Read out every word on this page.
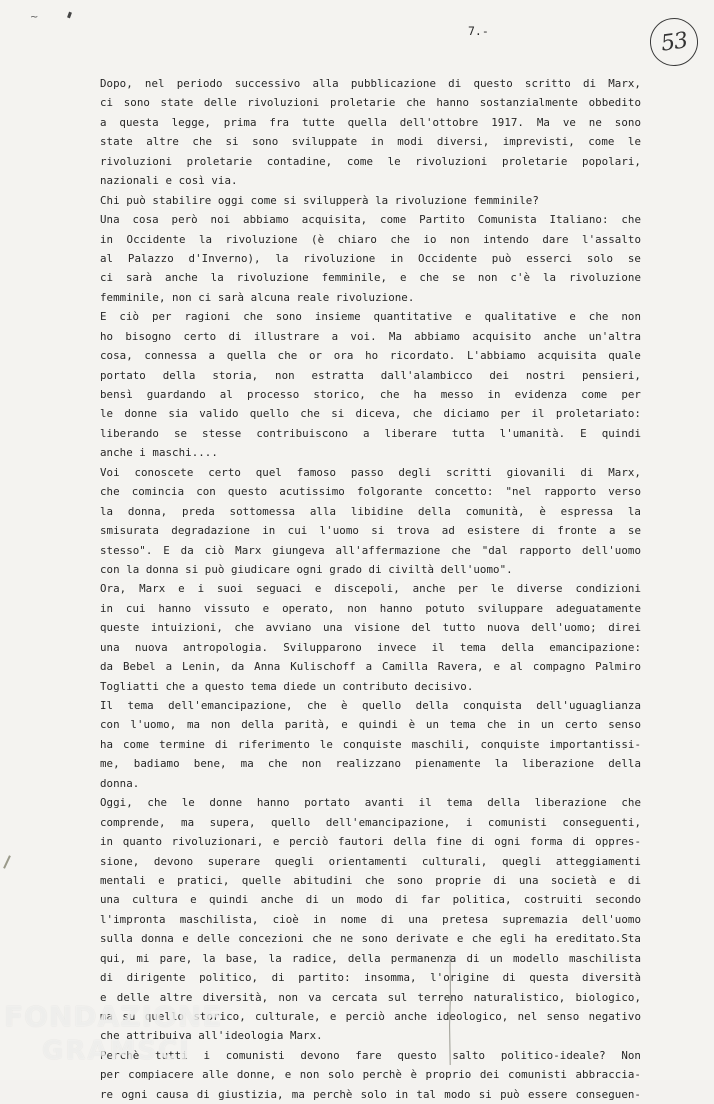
~
7.-	53
Dopo, nel periodo successivo alla pubblicazione di questo scritto di Marx,
ci sono state delle rivoluzioni proletarie che hanno sostanzialmente obbedito
a questa legge, prima fra tutte quella dell'ottobre 1917. Ma ve ne sono
state altre che si sono sviluppate in modi diversi, imprevisti, come le
rivoluzioni proletarie contadine, come le rivoluzioni proletarie popolari,
nazionali e così via.
Chi può stabilire oggi come si svilupperà la rivoluzione femminile?
Una cosa però noi abbiamo acquisita, come Partito Comunista Italiano: che
in Occidente la rivoluzione (è chiaro che io non intendo dare l'assalto
al Palazzo d'Inverno), la rivoluzione in Occidente può esserci solo se
ci sarà anche la rivoluzione femminile, e che se non c'è la rivoluzione
femminile, non ci sarà alcuna reale rivoluzione.
E ciò per ragioni che sono insieme quantitative e qualitative e che non
ho bisogno certo di illustrare a voi. Ma abbiamo acquisito anche un'altra
cosa, connessa a quella che or ora ho ricordato. L'abbiamo acquisita quale
portato della storia, non estratta dall'alambicco dei nostri pensieri,
bensì guardando al processo storico, che ha messo in evidenza come per
le donne sia valido quello che si diceva, che diciamo per il proletariato:
liberando se stesse contribuiscono a liberare tutta l'umanità. E quindi
anche i maschi....
Voi conoscete certo quel famoso passo degli scritti giovanili di Marx,
che comincia con questo acutissimo folgorante concetto: "nel rapporto verso
la donna, preda sottomessa alla libidine della comunità, è espressa la
smisurata degradazione in cui l'uomo si trova ad esistere di fronte a se
stesso". E da ciò Marx giungeva all'affermazione che "dal rapporto dell'uomo
con la donna si può giudicare ogni grado di civiltà dell'uomo".
Ora, Marx e i suoi seguaci e discepoli, anche per le diverse condizioni
in cui hanno vissuto e operato, non hanno potuto sviluppare adeguatamente
queste intuizioni, che avviano una visione del tutto nuova dell'uomo; direi
una nuova antropologia. Svilupparono invece il tema della emancipazione:
da Bebel a Lenin, da Anna Kulischoff a Camilla Ravera, e al compagno Palmiro
Togliatti che a questo tema diede un contributo decisivo.
Il tema dell'emancipazione, che è quello della conquista dell'uguaglianza
con l'uomo, ma non della parità, e quindi è un tema che in un certo senso
ha come termine di riferimento le conquiste maschili, conquiste importantissi-
me, badiamo bene, ma che non realizzano pienamente la liberazione della
donna.
Oggi, che le donne hanno portato avanti il tema della liberazione che
comprende, ma supera, quello dell'emancipazione, i comunisti conseguenti,
in quanto rivoluzionari, e perciò fautori della fine di ogni forma di oppres-
sione, devono superare quegli orientamenti culturali, quegli atteggiamenti
mentali e pratici, quelle abitudini che sono proprie di una società e di
una cultura e quindi anche di un modo di far politica, costruiti secondo
l'impronta maschilista, cioè in nome di una pretesa supremazia dell'uomo
sulla donna e delle concezioni che ne sono derivate e che egli ha ereditato.Sta
qui, mi pare, la base, la radice, della permanenza di un modello maschilista
di dirigente politico, di partito: insomma, l'origine di questa diversità
e delle altre diversità, non va cercata sul terreno naturalistico, biologico,
ma su quello storico, culturale, e perciò anche ideologico, nel senso negativo
che attribuiva all'ideologia Marx.
Perchè tutti i comunisti devono fare questo salto politico-ideale? Non
per compiacere alle donne, e non solo perchè è proprio dei comunisti abbraccia-
re ogni causa di giustizia, ma perchè solo in tal modo si può essere conseguen-
FONDAZIONE
GRAMSCI
